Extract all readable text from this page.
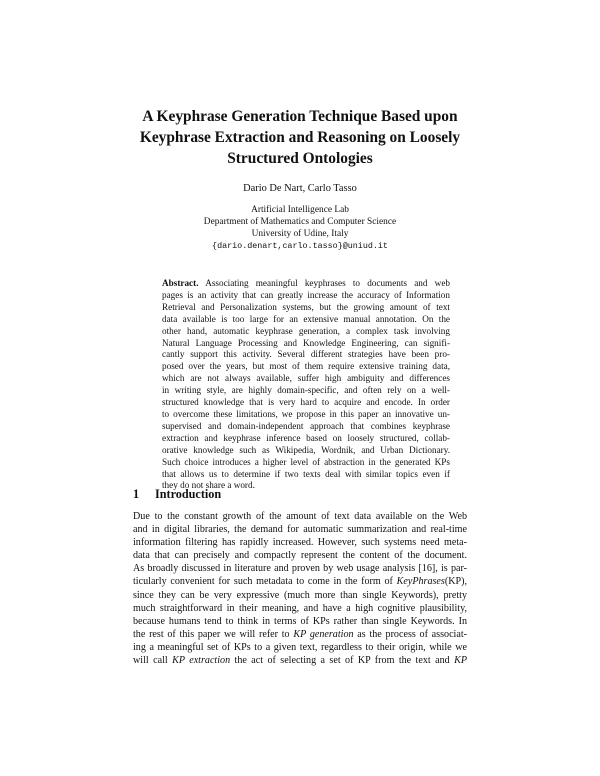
A Keyphrase Generation Technique Based upon
Keyphrase Extraction and Reasoning on Loosely
Structured Ontologies

Dario De Nart, Carlo Tasso

Artificial Intelligence Lab
Department of Mathematics and Computer Science
University of Udine, Italy
{dario.denart,carlo.tasso}@uniud.it
Abstract. Associating meaningful keyphrases to documents and web
pages is an activity that can greatly increase the accuracy of Information
Retrieval and Personalization systems, but the growing amount of text
data available is too large for an extensive manual annotation. On the
other hand, automatic keyphrase generation, a complex task involving
Natural Language Processing and Knowledge Engineering, can signifi-
cantly support this activity. Several different strategies have been pro-
posed over the years, but most of them require extensive training data,
which are not always available, suffer high ambiguity and differences
in writing style, are highly domain-specific, and often rely on a well-
structured knowledge that is very hard to acquire and encode. In order
to overcome these limitations, we propose in this paper an innovative un-
supervised and domain-independent approach that combines keyphrase
extraction and keyphrase inference based on loosely structured, collab-
orative knowledge such as Wikipedia, Wordnik, and Urban Dictionary.
Such choice introduces a higher level of abstraction in the generated KPs
that allows us to determine if two texts deal with similar topics even if
they do not share a word.
1 Introduction
Due to the constant growth of the amount of text data available on the Web
and in digital libraries, the demand for automatic summarization and real-time
information filtering has rapidly increased. However, such systems need meta-
data that can precisely and compactly represent the content of the document.
As broadly discussed in literature and proven by web usage analysis [16], is par-
ticularly convenient for such metadata to come in the form of KeyPhrases(KP),
since they can be very expressive (much more than single Keywords), pretty
much straightforward in their meaning, and have a high cognitive plausibility,
because humans tend to think in terms of KPs rather than single Keywords. In
the rest of this paper we will refer to KP generation as the process of associat-
ing a meaningful set of KPs to a given text, regardless to their origin, while we
will call KP extraction the act of selecting a set of KP from the text and KP
